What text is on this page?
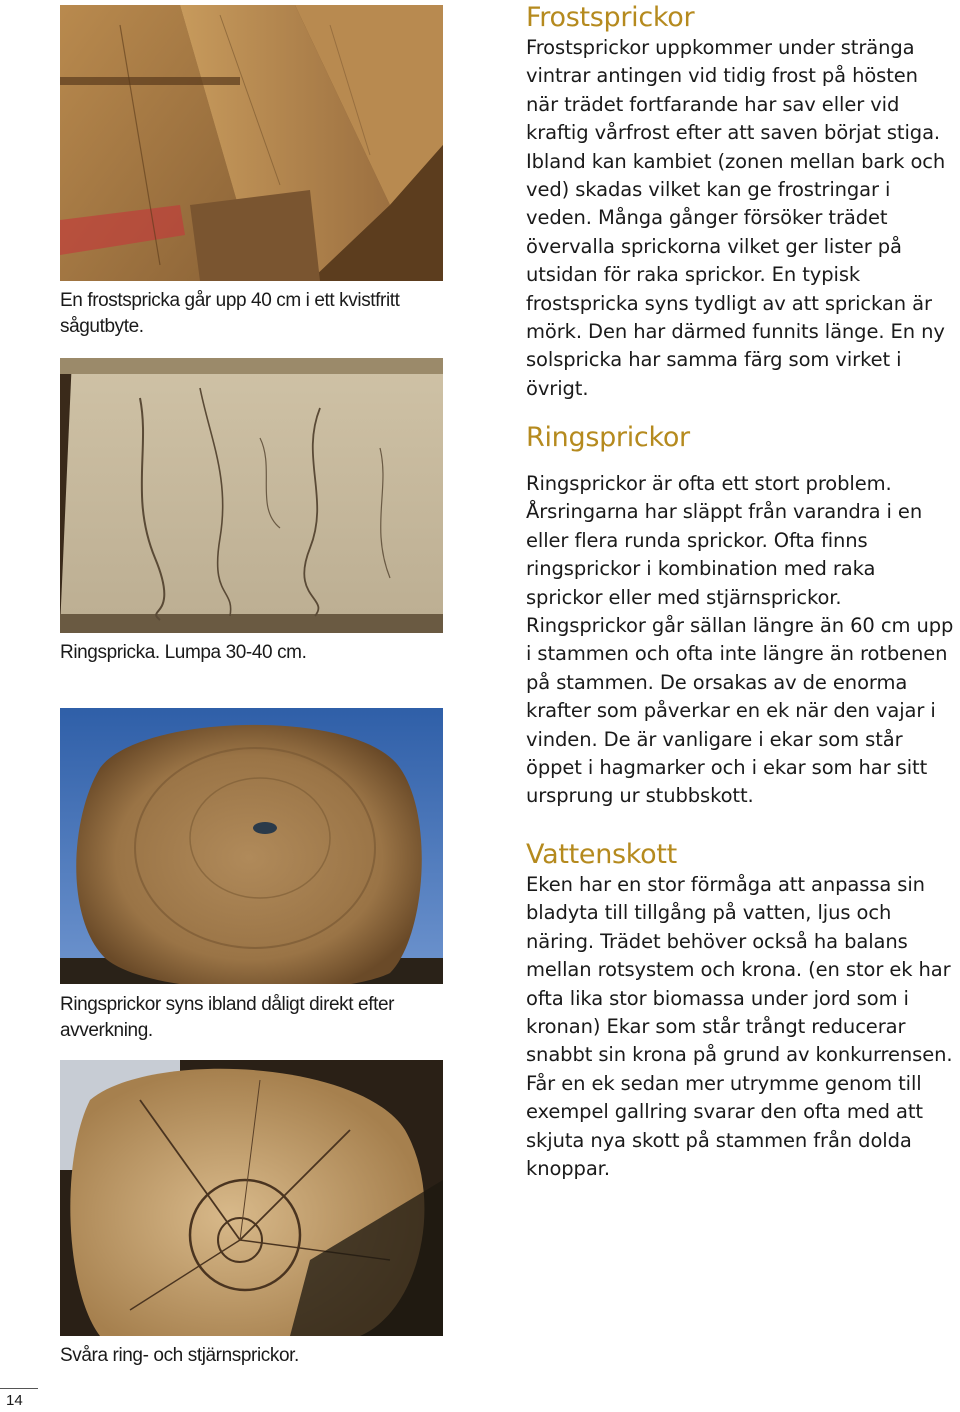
En frostspricka går upp 40 cm i ett kvistfritt sågutbyte.
Ringspricka. Lumpa 30-40 cm.
Ringsprickor syns ibland dåligt direkt efter avverkning.
Svåra ring- och stjärnsprickor.
Frostsprickor

Frostsprickor uppkommer under stränga vintrar antingen vid tidig frost på hösten när trädet fortfarande har sav eller vid kraftig vårfrost efter att saven börjat stiga. Ibland kan kambiet (zonen mellan bark och ved) skadas vilket kan ge frostringar i veden. Många gånger försöker trädet övervalla sprickorna vilket ger lister på utsidan för raka sprickor. En typisk frostspricka syns tydligt av att sprickan är mörk. Den har därmed funnits länge. En ny solspricka har samma färg som virket i övrigt.

Ringsprickor

Ringsprickor är ofta ett stort problem. Årsringarna har släppt från varandra i en eller flera runda sprickor. Ofta finns ringsprickor i kombination med raka sprickor eller med stjärnsprickor. Ringsprickor går sällan längre än 60 cm upp i stammen och ofta inte längre än rotbenen på stammen. De orsakas av de enorma krafter som påverkar en ek när den vajar i vinden. De är vanligare i ekar som står öppet i hagmarker och i ekar som har sitt ursprung ur stubbskott.

Vattenskott

Eken har en stor förmåga att anpassa sin bladyta till tillgång på vatten, ljus och näring. Trädet behöver också ha balans mellan rotsystem och krona. (en stor ek har ofta lika stor biomassa under jord som i kronan) Ekar som står trångt reducerar snabbt sin krona på grund av konkurrensen. Får en ek sedan mer utrymme genom till exempel gallring svarar den ofta med att skjuta nya skott på stammen från dolda knoppar.

14
